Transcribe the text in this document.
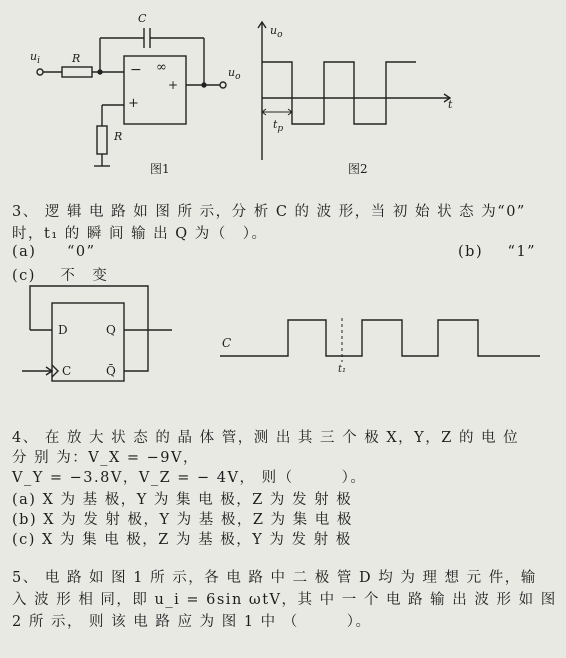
C
$u_i$	R
R
−
+
∞
+
$u_o$
$u_o$
t
$t_p$
图1	图2
3、 逻 辑 电 路 如 图 所 示，分 析 C 的 波 形，当 初 始 状 态 为“0”
时，t₁ 的 瞬 间 输 出 Q 为（　）。
(a) “0”	(b) “1”
(c) 不　变
D	Q
C	Q̄
C
t₁
4、 在 放 大 状 态 的 晶 体 管，测 出 其 三 个 极 X，Y，Z 的 电 位
分 别 为：V_X = −9V，
V_Y = −3.8V，V_Z = − 4V， 则（　　　）。
(a) X 为 基 极，Y 为 集 电 极，Z 为 发 射 极
(b) X 为 发 射 极，Y 为 基 极，Z 为 集 电 极
(c) X 为 集 电 极，Z 为 基 极，Y 为 发 射 极
5、 电 路 如 图 1 所 示，各 电 路 中 二 极 管 D 均 为 理 想 元 件，输
入 波 形 相 同，即 u_i = 6sin ωtV，其 中 一 个 电 路 输 出 波 形 如 图
2 所 示， 则 该 电 路 应 为 图 1 中 （　　　）。
